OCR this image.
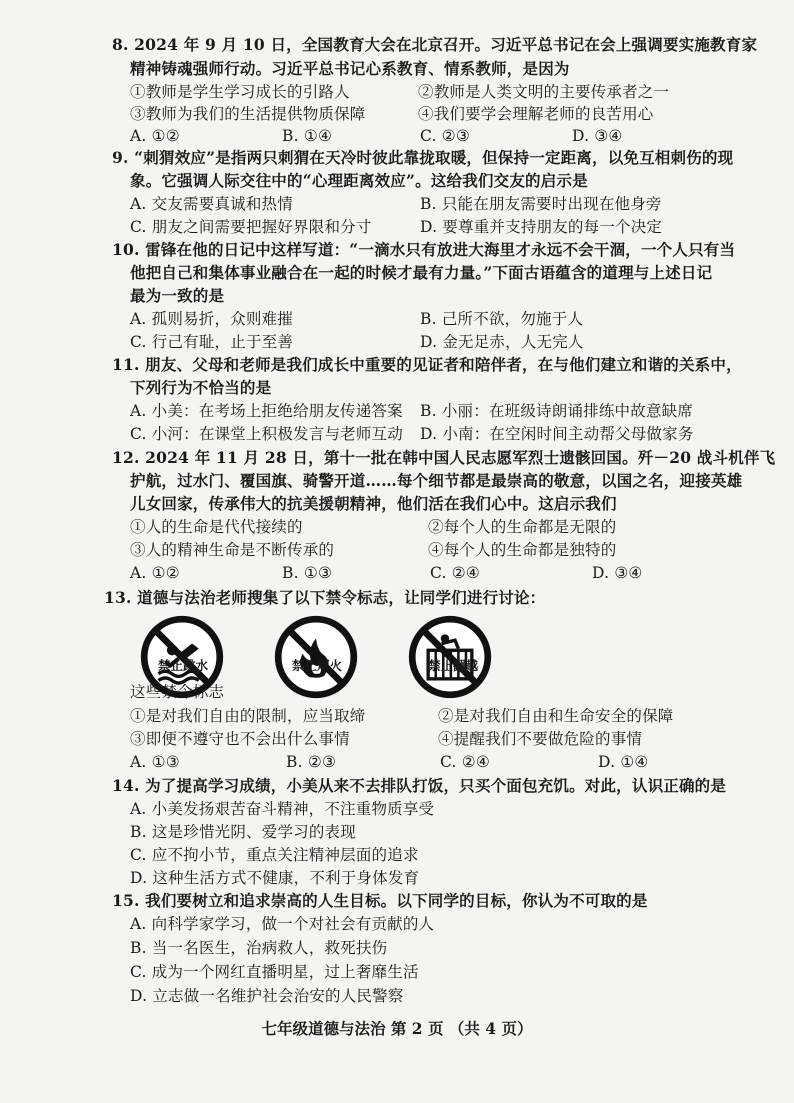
8. 2024 年 9 月 10 日，全国教育大会在北京召开。习近平总书记在会上强调要实施教育家
精神铸魂强师行动。习近平总书记心系教育、情系教师，是因为
①教师是学生学习成长的引路人	②教师是人类文明的主要传承者之一
③教师为我们的生活提供物质保障	④我们要学会理解老师的良苦用心
A. ①②	B. ①④	C. ②③	D. ③④
9. “刺猬效应”是指两只刺猬在天冷时彼此靠拢取暖，但保持一定距离，以免互相刺伤的现
象。它强调人际交往中的“心理距离效应”。这给我们交友的启示是
A. 交友需要真诚和热情	B. 只能在朋友需要时出现在他身旁
C. 朋友之间需要把握好界限和分寸	D. 要尊重并支持朋友的每一个决定
10. 雷锋在他的日记中这样写道：“一滴水只有放进大海里才永远不会干涸，一个人只有当
他把自己和集体事业融合在一起的时候才最有力量。”下面古语蕴含的道理与上述日记
最为一致的是
A. 孤则易折，众则难摧	B. 己所不欲，勿施于人
C. 行己有耻，止于至善	D. 金无足赤，人无完人
11. 朋友、父母和老师是我们成长中重要的见证者和陪伴者，在与他们建立和谐的关系中，
下列行为不恰当的是
A. 小美：在考场上拒绝给朋友传递答案 B. 小丽：在班级诗朗诵排练中故意缺席
C. 小河：在课堂上积极发言与老师互动 D. 小南：在空闲时间主动帮父母做家务
12. 2024 年 11 月 28 日，第十一批在韩中国人民志愿军烈士遗骸回国。歼－20 战斗机伴飞
护航，过水门、覆国旗、骑警开道……每个细节都是最崇高的敬意，以国之名，迎接英雄
儿女回家，传承伟大的抗美援朝精神，他们活在我们心中。这启示我们
①人的生命是代代接续的	②每个人的生命都是无限的
③人的精神生命是不断传承的	④每个人的生命都是独特的
A. ①②	B. ①③	C. ②④	D. ③④
13. 道德与法治老师搜集了以下禁令标志，让同学们进行讨论：
禁止跳水	禁止烟火	禁止翻越
这些禁令标志
①是对我们自由的限制，应当取缔	②是对我们自由和生命安全的保障
③即便不遵守也不会出什么事情	④提醒我们不要做危险的事情
A. ①③	B. ②③	C. ②④	D. ①④
14. 为了提高学习成绩，小美从来不去排队打饭，只买个面包充饥。对此，认识正确的是
A. 小美发扬艰苦奋斗精神，不注重物质享受
B. 这是珍惜光阴、爱学习的表现
C. 应不拘小节，重点关注精神层面的追求
D. 这种生活方式不健康，不利于身体发育
15. 我们要树立和追求崇高的人生目标。以下同学的目标，你认为不可取的是
A. 向科学家学习，做一个对社会有贡献的人
B. 当一名医生，治病救人，救死扶伤
C. 成为一个网红直播明星，过上奢靡生活
D. 立志做一名维护社会治安的人民警察
七年级道德与法治 第 2 页 （共 4 页）
